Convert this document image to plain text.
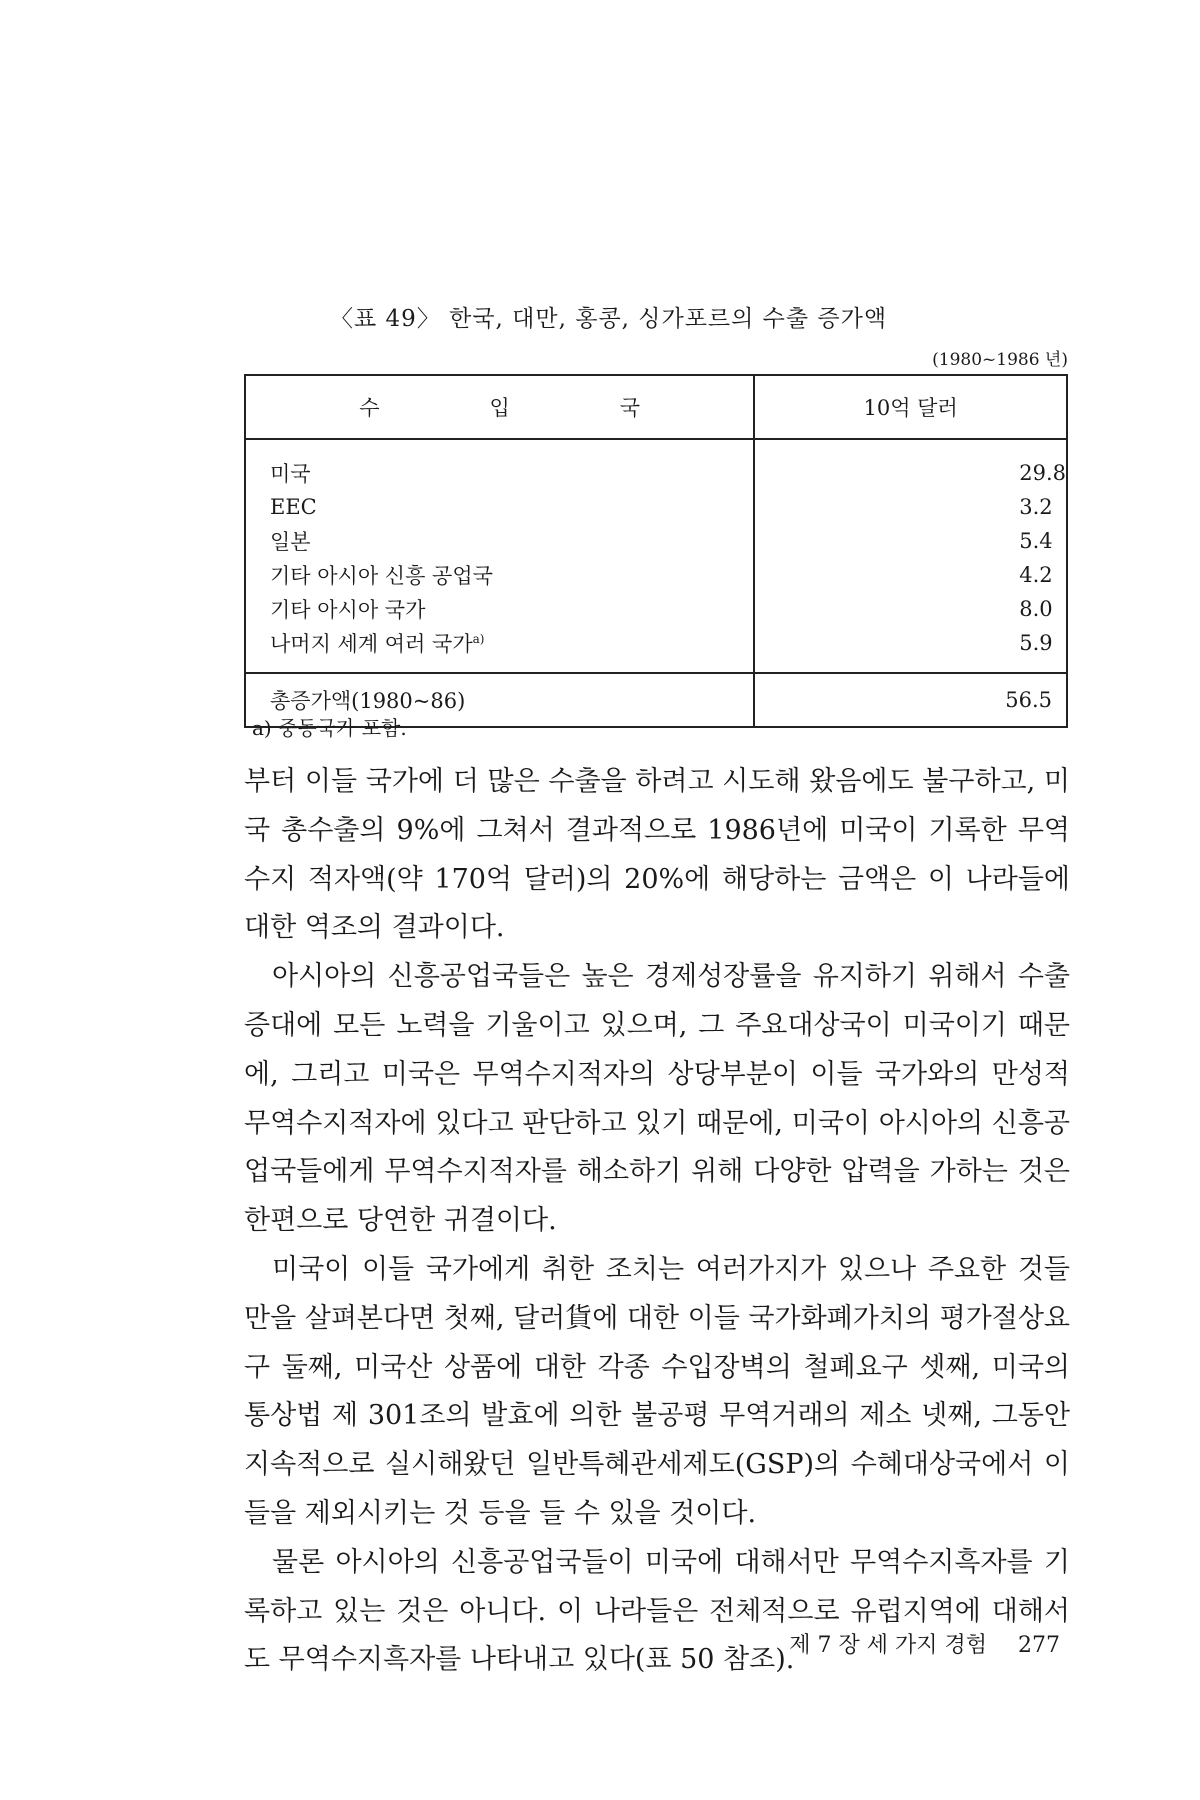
〈표 49〉 한국, 대만, 홍콩, 싱가포르의 수출 증가액
(1980~1986 년)
수입국	10억 달러
미국	29.8
EEC	3.2
일본	5.4
기타 아시아 신흥 공업국	4.2
기타 아시아 국가	8.0
나머지 세계 여러 국가$^{a)}$	5.9
총증가액(1980~86)	56.5
a) 중동국가 포함.

부터 이들 국가에 더 많은 수출을 하려고 시도해 왔음에도 불구하고, 미국 총수출의 9%에 그쳐서 결과적으로 1986년에 미국이 기록한 무역수지 적자액(약 170억 달러)의 20%에 해당하는 금액은 이 나라들에 대한 역조의 결과이다.

아시아의 신흥공업국들은 높은 경제성장률을 유지하기 위해서 수출증대에 모든 노력을 기울이고 있으며, 그 주요대상국이 미국이기 때문에, 그리고 미국은 무역수지적자의 상당부분이 이들 국가와의 만성적 무역수지적자에 있다고 판단하고 있기 때문에, 미국이 아시아의 신흥공업국들에게 무역수지적자를 해소하기 위해 다양한 압력을 가하는 것은 한편으로 당연한 귀결이다.

미국이 이들 국가에게 취한 조치는 여러가지가 있으나 주요한 것들만을 살펴본다면 첫째, 달러貨에 대한 이들 국가화폐가치의 평가절상요구 둘째, 미국산 상품에 대한 각종 수입장벽의 철폐요구 셋째, 미국의 통상법 제 301조의 발효에 의한 불공평 무역거래의 제소 넷째, 그동안 지속적으로 실시해왔던 일반특혜관세제도(GSP)의 수혜대상국에서 이들을 제외시키는 것 등을 들 수 있을 것이다.

물론 아시아의 신흥공업국들이 미국에 대해서만 무역수지흑자를 기록하고 있는 것은 아니다. 이 나라들은 전체적으로 유럽지역에 대해서도 무역수지흑자를 나타내고 있다(표 50 참조).

제 7 장 세 가지 경험 277
